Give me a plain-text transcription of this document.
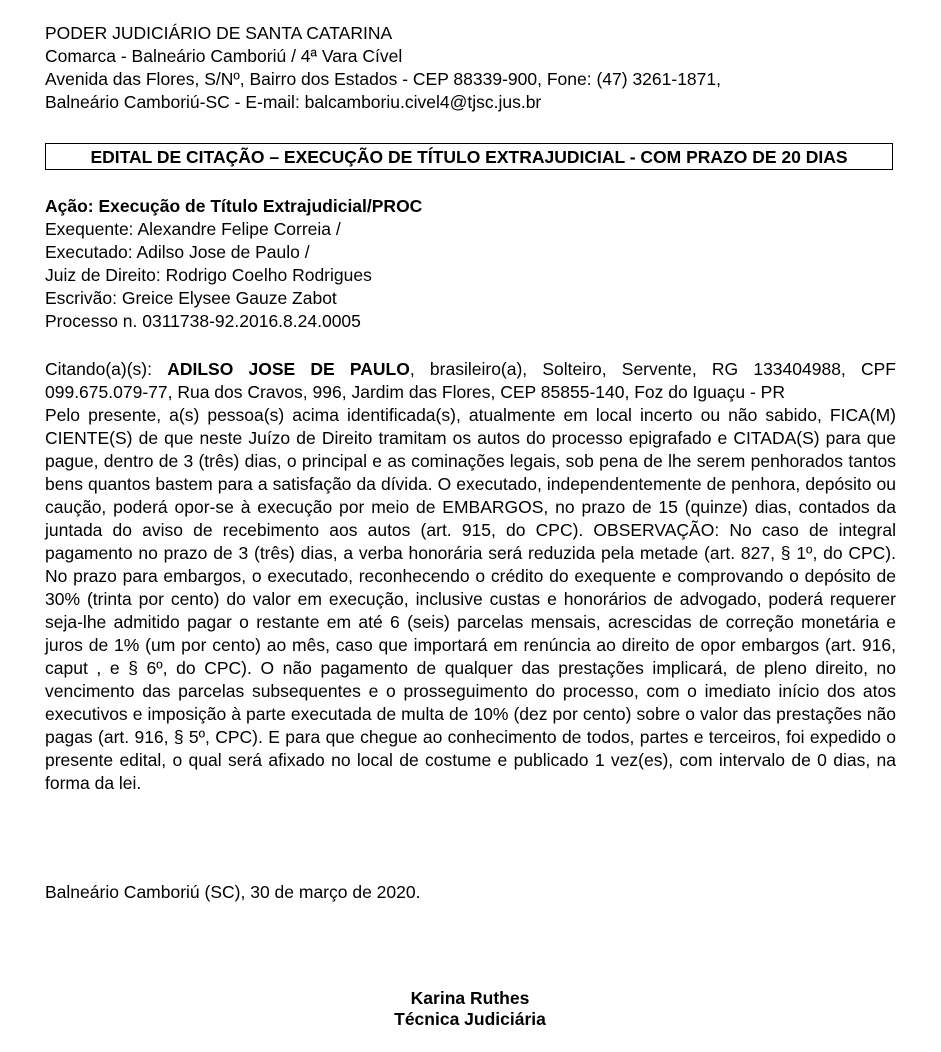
PODER JUDICIÁRIO DE SANTA CATARINA
Comarca - Balneário Camboriú / 4ª Vara Cível
Avenida das Flores, S/Nº, Bairro dos Estados - CEP 88339-900, Fone: (47) 3261-1871,
Balneário Camboriú-SC - E-mail: balcamboriu.civel4@tjsc.jus.br
EDITAL DE CITAÇÃO – EXECUÇÃO DE TÍTULO EXTRAJUDICIAL - COM PRAZO DE 20 DIAS
Ação: Execução de Título Extrajudicial/PROC
Exequente: Alexandre Felipe Correia /
Executado: Adilso Jose de Paulo /
Juiz de Direito: Rodrigo Coelho Rodrigues
Escrivão: Greice Elysee Gauze Zabot
Processo n. 0311738-92.2016.8.24.0005

Citando(a)(s): ADILSO JOSE DE PAULO, brasileiro(a), Solteiro, Servente, RG 133404988, CPF 099.675.079-77, Rua dos Cravos, 996, Jardim das Flores, CEP 85855-140, Foz do Iguaçu - PR

Pelo presente, a(s) pessoa(s) acima identificada(s), atualmente em local incerto ou não sabido, FICA(M) CIENTE(S) de que neste Juízo de Direito tramitam os autos do processo epigrafado e CITADA(S) para que pague, dentro de 3 (três) dias, o principal e as cominações legais, sob pena de lhe serem penhorados tantos bens quantos bastem para a satisfação da dívida. O executado, independentemente de penhora, depósito ou caução, poderá opor-se à execução por meio de EMBARGOS, no prazo de 15 (quinze) dias, contados da juntada do aviso de recebimento aos autos (art. 915, do CPC). OBSERVAÇÃO: No caso de integral pagamento no prazo de 3 (três) dias, a verba honorária será reduzida pela metade (art. 827, § 1º, do CPC). No prazo para embargos, o executado, reconhecendo o crédito do exequente e comprovando o depósito de 30% (trinta por cento) do valor em execução, inclusive custas e honorários de advogado, poderá requerer seja-lhe admitido pagar o restante em até 6 (seis) parcelas mensais, acrescidas de correção monetária e juros de 1% (um por cento) ao mês, caso que importará em renúncia ao direito de opor embargos (art. 916, caput , e § 6º, do CPC). O não pagamento de qualquer das prestações implicará, de pleno direito, no vencimento das parcelas subsequentes e o prosseguimento do processo, com o imediato início dos atos executivos e imposição à parte executada de multa de 10% (dez por cento) sobre o valor das prestações não pagas (art. 916, § 5º, CPC). E para que chegue ao conhecimento de todos, partes e terceiros, foi expedido o presente edital, o qual será afixado no local de costume e publicado 1 vez(es), com intervalo de 0 dias, na forma da lei.

Balneário Camboriú (SC), 30 de março de 2020.
Karina Ruthes
Técnica Judiciária
